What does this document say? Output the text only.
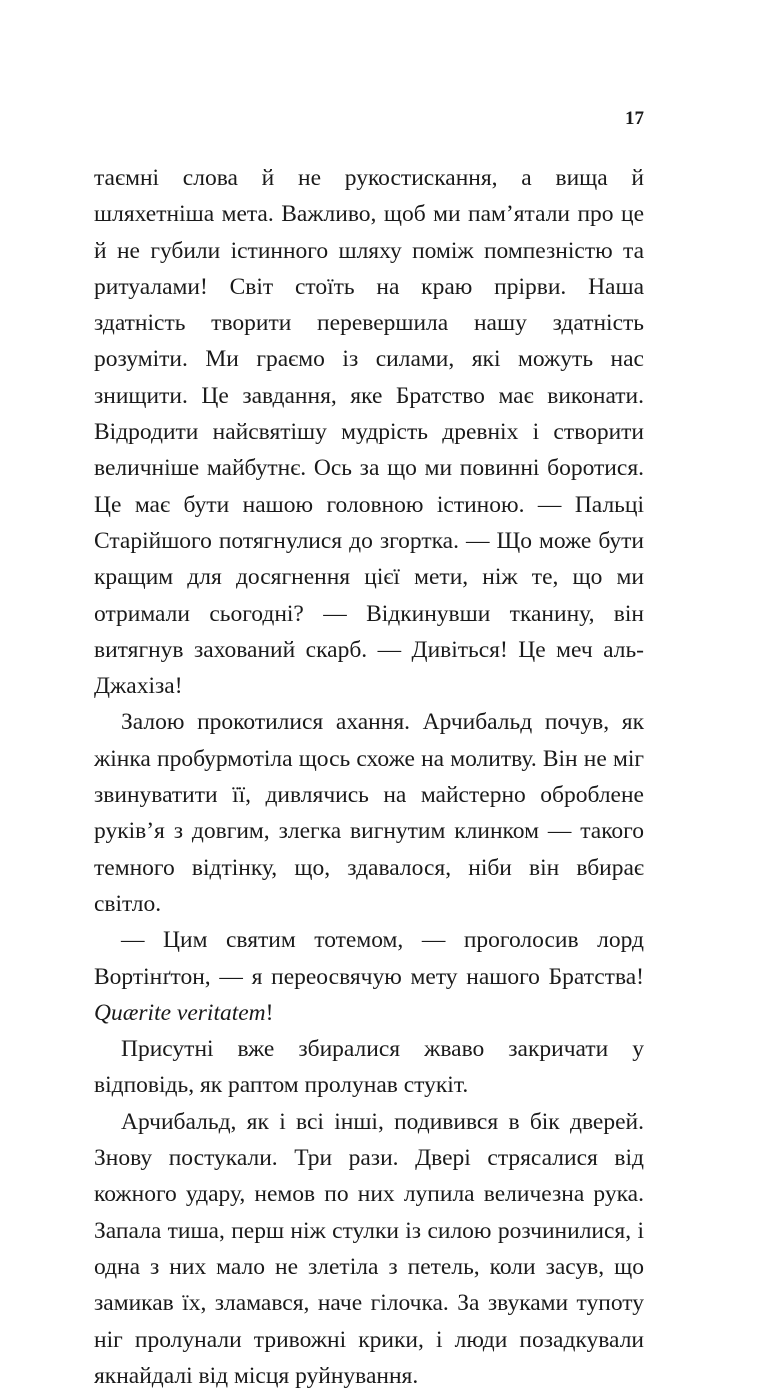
17

таємні слова й не рукостискання, а вища й шляхетніша мета. Важливо, щоб ми пам’ятали про це й не губили істинного шляху поміж помпезністю та ритуалами! Світ стоїть на краю прірви. Наша здатність творити перевершила нашу здатність розуміти. Ми граємо із силами, які можуть нас знищити. Це завдання, яке Братство має виконати. Відродити найсвятішу мудрість древніх і створити величніше майбутнє. Ось за що ми повинні боротися. Це має бути нашою головною істиною. — Пальці Старійшого потягнулися до згортка. — Що може бути кращим для досягнення цієї мети, ніж те, що ми отримали сьогодні? — Відкинувши тканину, він витягнув захований скарб. — Дивіться! Це меч аль-Джахіза!

Залою прокотилися ахання. Арчибальд почув, як жінка пробурмотіла щось схоже на молитву. Він не міг звинуватити її, дивлячись на майстерно оброблене руків’я з довгим, злегка вигнутим клинком — такого темного відтінку, що, здавалося, ніби він вбирає світло.

— Цим святим тотемом, — проголосив лорд Вортінґтон, — я переосвячую мету нашого Братства! Quærite veritatem!

Присутні вже збиралися жваво закричати у відповідь, як раптом пролунав стукіт.

Арчибальд, як і всі інші, подивився в бік дверей. Знову постукали. Три рази. Двері стрясалися від кожного удару, немов по них лупила величезна рука. Запала тиша, перш ніж стулки із силою розчинилися, і одна з них мало не злетіла з петель, коли засув, що замикав їх, зламався, наче гілочка. За звуками тупоту ніг пролунали тривожні крики, і люди позадкували якнайдалі від місця руйнування.
